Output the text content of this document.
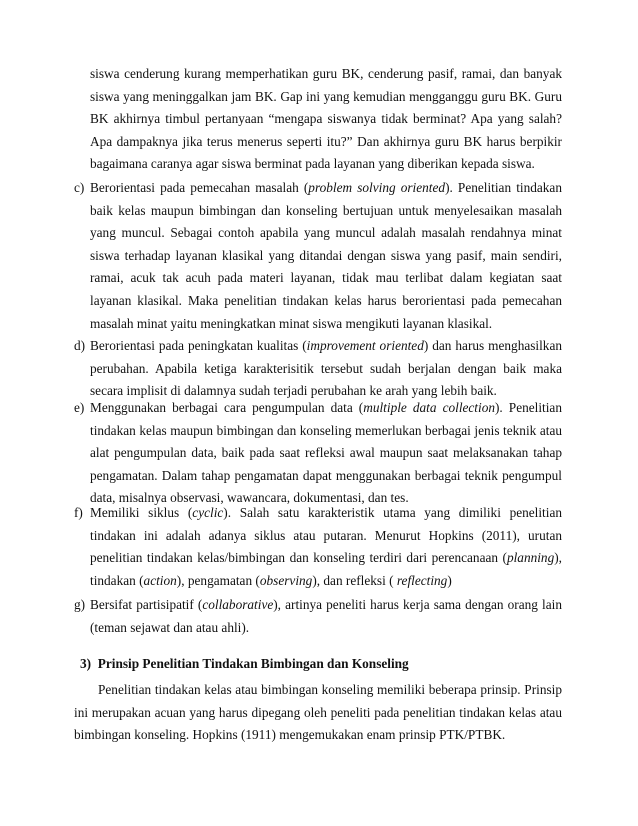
siswa cenderung kurang memperhatikan guru BK, cenderung pasif, ramai, dan banyak siswa yang meninggalkan jam BK. Gap ini yang kemudian mengganggu guru BK. Guru BK akhirnya timbul pertanyaan “mengapa siswanya tidak berminat? Apa yang salah? Apa dampaknya jika terus menerus seperti itu?” Dan akhirnya guru BK harus berpikir bagaimana caranya agar siswa berminat pada layanan yang diberikan kepada siswa.
c) Berorientasi pada pemecahan masalah (problem solving oriented). Penelitian tindakan baik kelas maupun bimbingan dan konseling bertujuan untuk menyelesaikan masalah yang muncul. Sebagai contoh apabila yang muncul adalah masalah rendahnya minat siswa terhadap layanan klasikal yang ditandai dengan siswa yang pasif, main sendiri, ramai, acuk tak acuh pada materi layanan, tidak mau terlibat dalam kegiatan saat layanan klasikal. Maka penelitian tindakan kelas harus berorientasi pada pemecahan masalah minat yaitu meningkatkan minat siswa mengikuti layanan klasikal.
d) Berorientasi pada peningkatan kualitas (improvement oriented) dan harus menghasilkan perubahan. Apabila ketiga karakterisitik tersebut sudah berjalan dengan baik maka secara implisit di dalamnya sudah terjadi perubahan ke arah yang lebih baik.
e) Menggunakan berbagai cara pengumpulan data (multiple data collection). Penelitian tindakan kelas maupun bimbingan dan konseling memerlukan berbagai jenis teknik atau alat pengumpulan data, baik pada saat refleksi awal maupun saat melaksanakan tahap pengamatan. Dalam tahap pengamatan dapat menggunakan berbagai teknik pengumpul data, misalnya observasi, wawancara, dokumentasi, dan tes.
f) Memiliki siklus (cyclic). Salah satu karakteristik utama yang dimiliki penelitian tindakan ini adalah adanya siklus atau putaran. Menurut Hopkins (2011), urutan penelitian tindakan kelas/bimbingan dan konseling terdiri dari perencanaan (planning), tindakan (action), pengamatan (observing), dan refleksi ( reflecting)
g) Bersifat partisipatif (collaborative), artinya peneliti harus kerja sama dengan orang lain (teman sejawat dan atau ahli).
3)  Prinsip Penelitian Tindakan Bimbingan dan Konseling
Penelitian tindakan kelas atau bimbingan konseling memiliki beberapa prinsip. Prinsip ini merupakan acuan yang harus dipegang oleh peneliti pada penelitian tindakan kelas atau bimbingan konseling. Hopkins (1911) mengemukakan enam prinsip PTK/PTBK.
